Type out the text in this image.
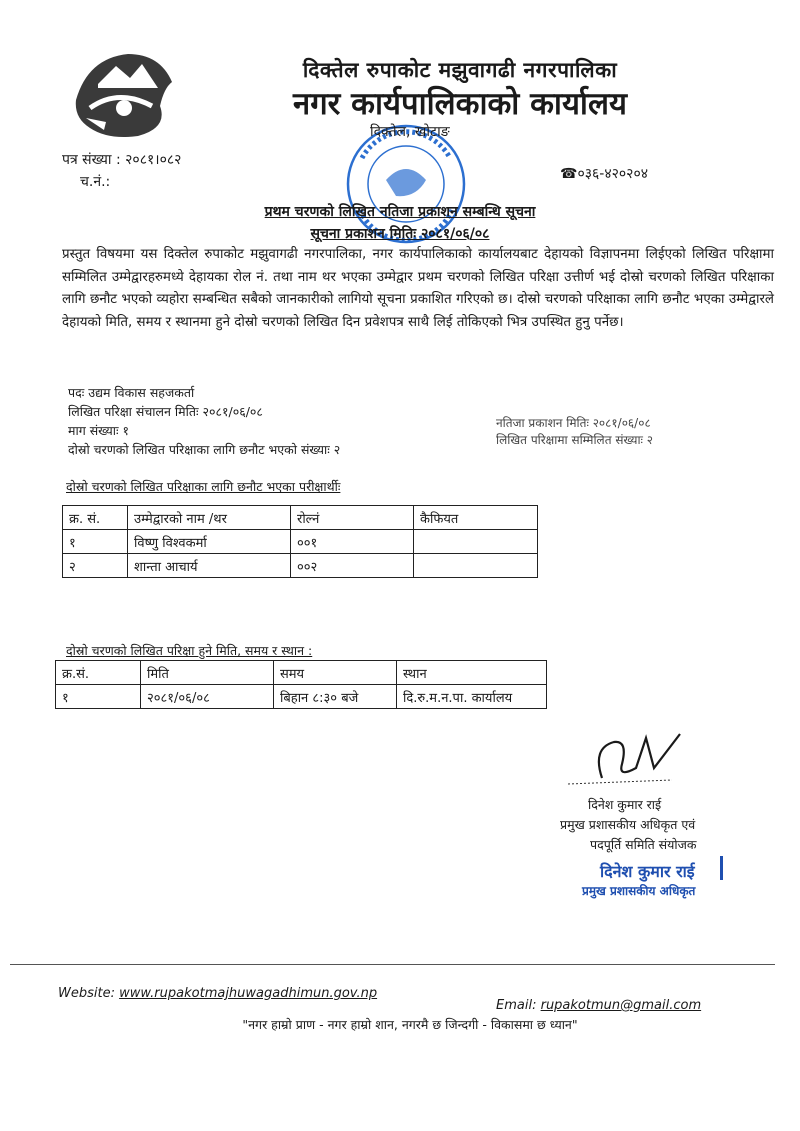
दिक्तेल रुपाकोट मझुवागढी नगरपालिका
नगर कार्यपालिकाको कार्यालय
दिक्तेल, खोटाङ
पत्र संख्या : २०८१।०८२
च.नं.:	☎०३६-४२०२०४
प्रथम चरणको लिखित नतिजा प्रकाशन सम्बन्धि सूचना
सूचना प्रकाशन मितिः २०८१/०६/०८
प्रस्तुत विषयमा यस दिक्तेल रुपाकोट मझुवागढी नगरपालिका, नगर कार्यपालिकाको कार्यालयबाट देहायको विज्ञापनमा लिईएको लिखित परिक्षामा सम्मिलित उम्मेद्वारहरुमध्ये देहायका रोल नं. तथा नाम थर भएका उम्मेद्वार प्रथम चरणको लिखित परिक्षा उत्तीर्ण भई दोस्रो चरणको लिखित परिक्षाका लागि छनौट भएको व्यहोरा सम्बन्धित सबैको जानकारीको लागियो सूचना प्रकाशित गरिएको छ। दोस्रो चरणको परिक्षाका लागि छनौट भएका उम्मेद्वारले देहायको मिति, समय र स्थानमा हुने दोस्रो चरणको लिखित दिन प्रवेशपत्र साथै लिई तोकिएको भित्र उपस्थित हुनु पर्नेछ।
पदः उद्यम विकास सहजकर्ता
लिखित परिक्षा संचालन मितिः २०८१/०६/०८
माग संख्याः १
दोस्रो चरणको लिखित परिक्षाका लागि छनौट भएको संख्याः २
नतिजा प्रकाशन मितिः २०८१/०६/०८
लिखित परिक्षामा सम्मिलित संख्याः २
दोस्रो चरणको लिखित परिक्षाका लागि छनौट भएका परीक्षार्थीः
क्र. सं.	उम्मेद्वारको नाम /थर	रोल्नं	कैफियत
१	विष्णु विश्वकर्मा	००१	
२	शान्ता आचार्य	००२	
दोस्रो चरणको लिखित परिक्षा हुने मिति, समय र स्थान :
क्र.सं.	मिति	समय	स्थान
१	२०८१/०६/०८	बिहान ८:३० बजे	दि.रु.म.न.पा. कार्यालय
दिनेश कुमार राई
प्रमुख प्रशासकीय अधिकृत एवं
पदपूर्ति समिति संयोजक
दिनेश कुमार राई
प्रमुख प्रशासकीय अधिकृत
Website: www.rupakotmajhuwagadhimun.gov.np
Email: rupakotmun@gmail.com
"नगर हाम्रो प्राण - नगर हाम्रो शान, नगरमै छ जिन्दगी - विकासमा छ ध्यान"
